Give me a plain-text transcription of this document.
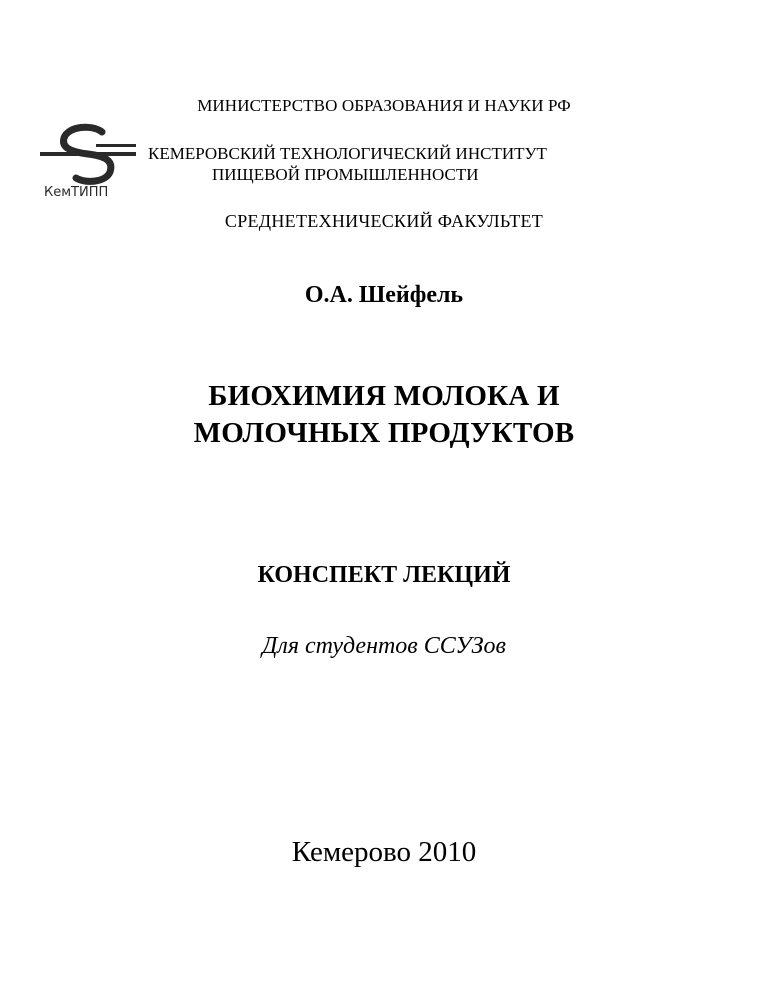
МИНИСТЕРСТВО ОБРАЗОВАНИЯ И НАУКИ РФ
КемТИПП
КЕМЕРОВСКИЙ ТЕХНОЛОГИЧЕСКИЙ ИНСТИТУТ
ПИЩЕВОЙ ПРОМЫШЛЕННОСТИ
СРЕДНЕТЕХНИЧЕСКИЙ ФАКУЛЬТЕТ
О.А. Шейфель
БИОХИМИЯ МОЛОКА И
МОЛОЧНЫХ ПРОДУКТОВ
КОНСПЕКТ ЛЕКЦИЙ
Для студентов ССУЗов
Кемерово 2010
